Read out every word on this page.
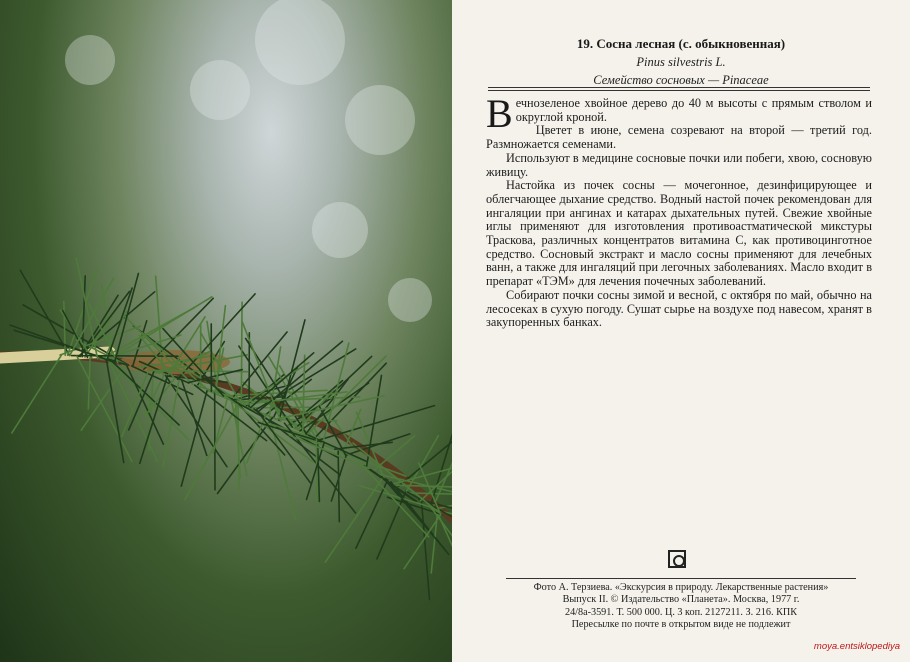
19. Сосна лесная (с. обыкновенная)
Pinus silvestris L.
Семейство сосновых — Pinaceae

Вечнозеленое хвойное дерево до 40 м высоты с прямым стволом и округлой кроной.

Цветет в июне, семена созревают на второй — третий год. Размножается семенами.

Используют в медицине сосновые почки или побеги, хвою, сосновую живицу.

Настойка из почек сосны — мочегонное, дезинфицирующее и облегчающее дыхание средство. Водный настой почек рекомендован для ингаляции при ангинах и катарах дыхательных путей. Свежие хвойные иглы применяют для изготовления противоастматической микстуры Траскова, различных концентратов витамина С, как противоцинготное средство. Сосновый экстракт и масло сосны применяют для лечебных ванн, а также для ингаляций при легочных заболеваниях. Масло входит в препарат «ТЭМ» для лечения почечных заболеваний.

Собирают почки сосны зимой и весной, с октября по май, обычно на лесосеках в сухую погоду. Сушат сырье на воздухе под навесом, хранят в закупоренных банках.

Фото А. Терзиева. «Экскурсия в природу. Лекарственные растения»
Выпуск II. © Издательство «Планета». Москва, 1977 г.
24/8а-3591. Т. 500 000. Ц. 3 коп. 2127211. З. 216. КПК
Пересылке по почте в открытом виде не подлежит
moya.entsiklopediya
